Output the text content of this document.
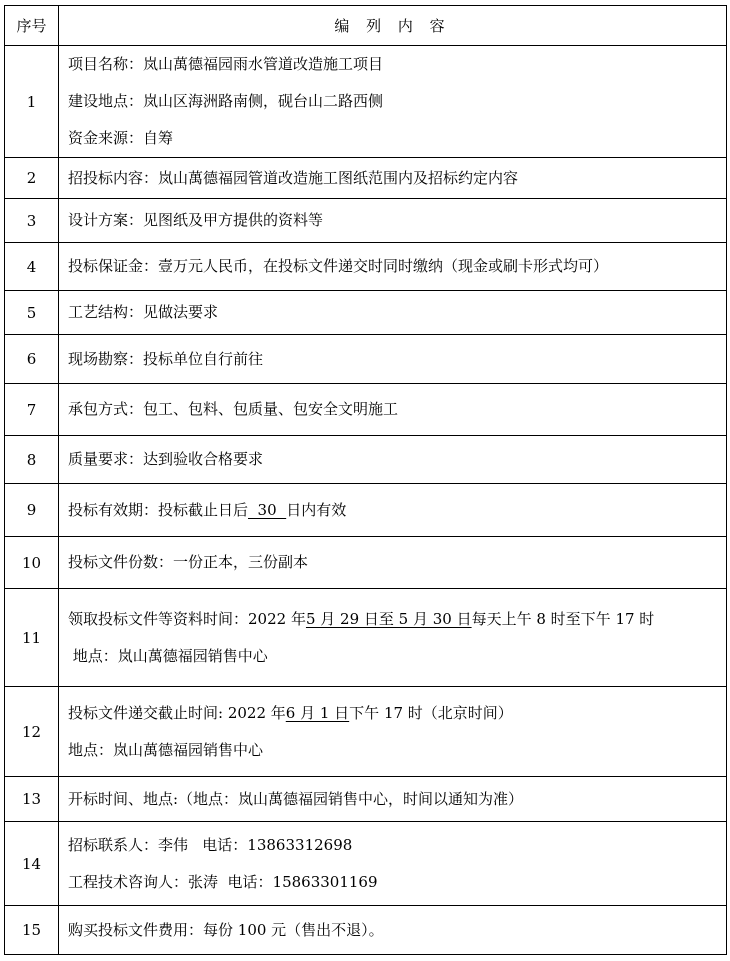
序号	编 列 内 容
1	项目名称：岚山萬德福园雨水管道改造施工项目
建设地点：岚山区海洲路南侧，砚台山二路西侧
资金来源：自筹

2	招投标内容：岚山萬德福园管道改造施工图纸范围内及招标约定内容

3	设计方案：见图纸及甲方提供的资料等

4	投标保证金：壹万元人民币，在投标文件递交时同时缴纳（现金或刷卡形式均可）

5	工艺结构：见做法要求

6	现场勘察：投标单位自行前往

7	承包方式：包工、包料、包质量、包安全文明施工

8	质量要求：达到验收合格要求

9	投标有效期：投标截止日后  30  日内有效

10	投标文件份数：一份正本，三份副本

11	领取投标文件等资料时间：2022 年5 月 29 日至 5 月 30 日每天上午 8 时至下午 17 时
地点：岚山萬德福园销售中心

12	投标文件递交截止时间: 2022 年6 月 1 日下午 17 时（北京时间）
地点：岚山萬德福园销售中心

13	开标时间、地点:（地点：岚山萬德福园销售中心，时间以通知为准）

14	招标联系人：李伟   电话：13863312698
工程技术咨询人：张涛  电话：15863301169

15	购买投标文件费用：每份 100 元（售出不退）。
